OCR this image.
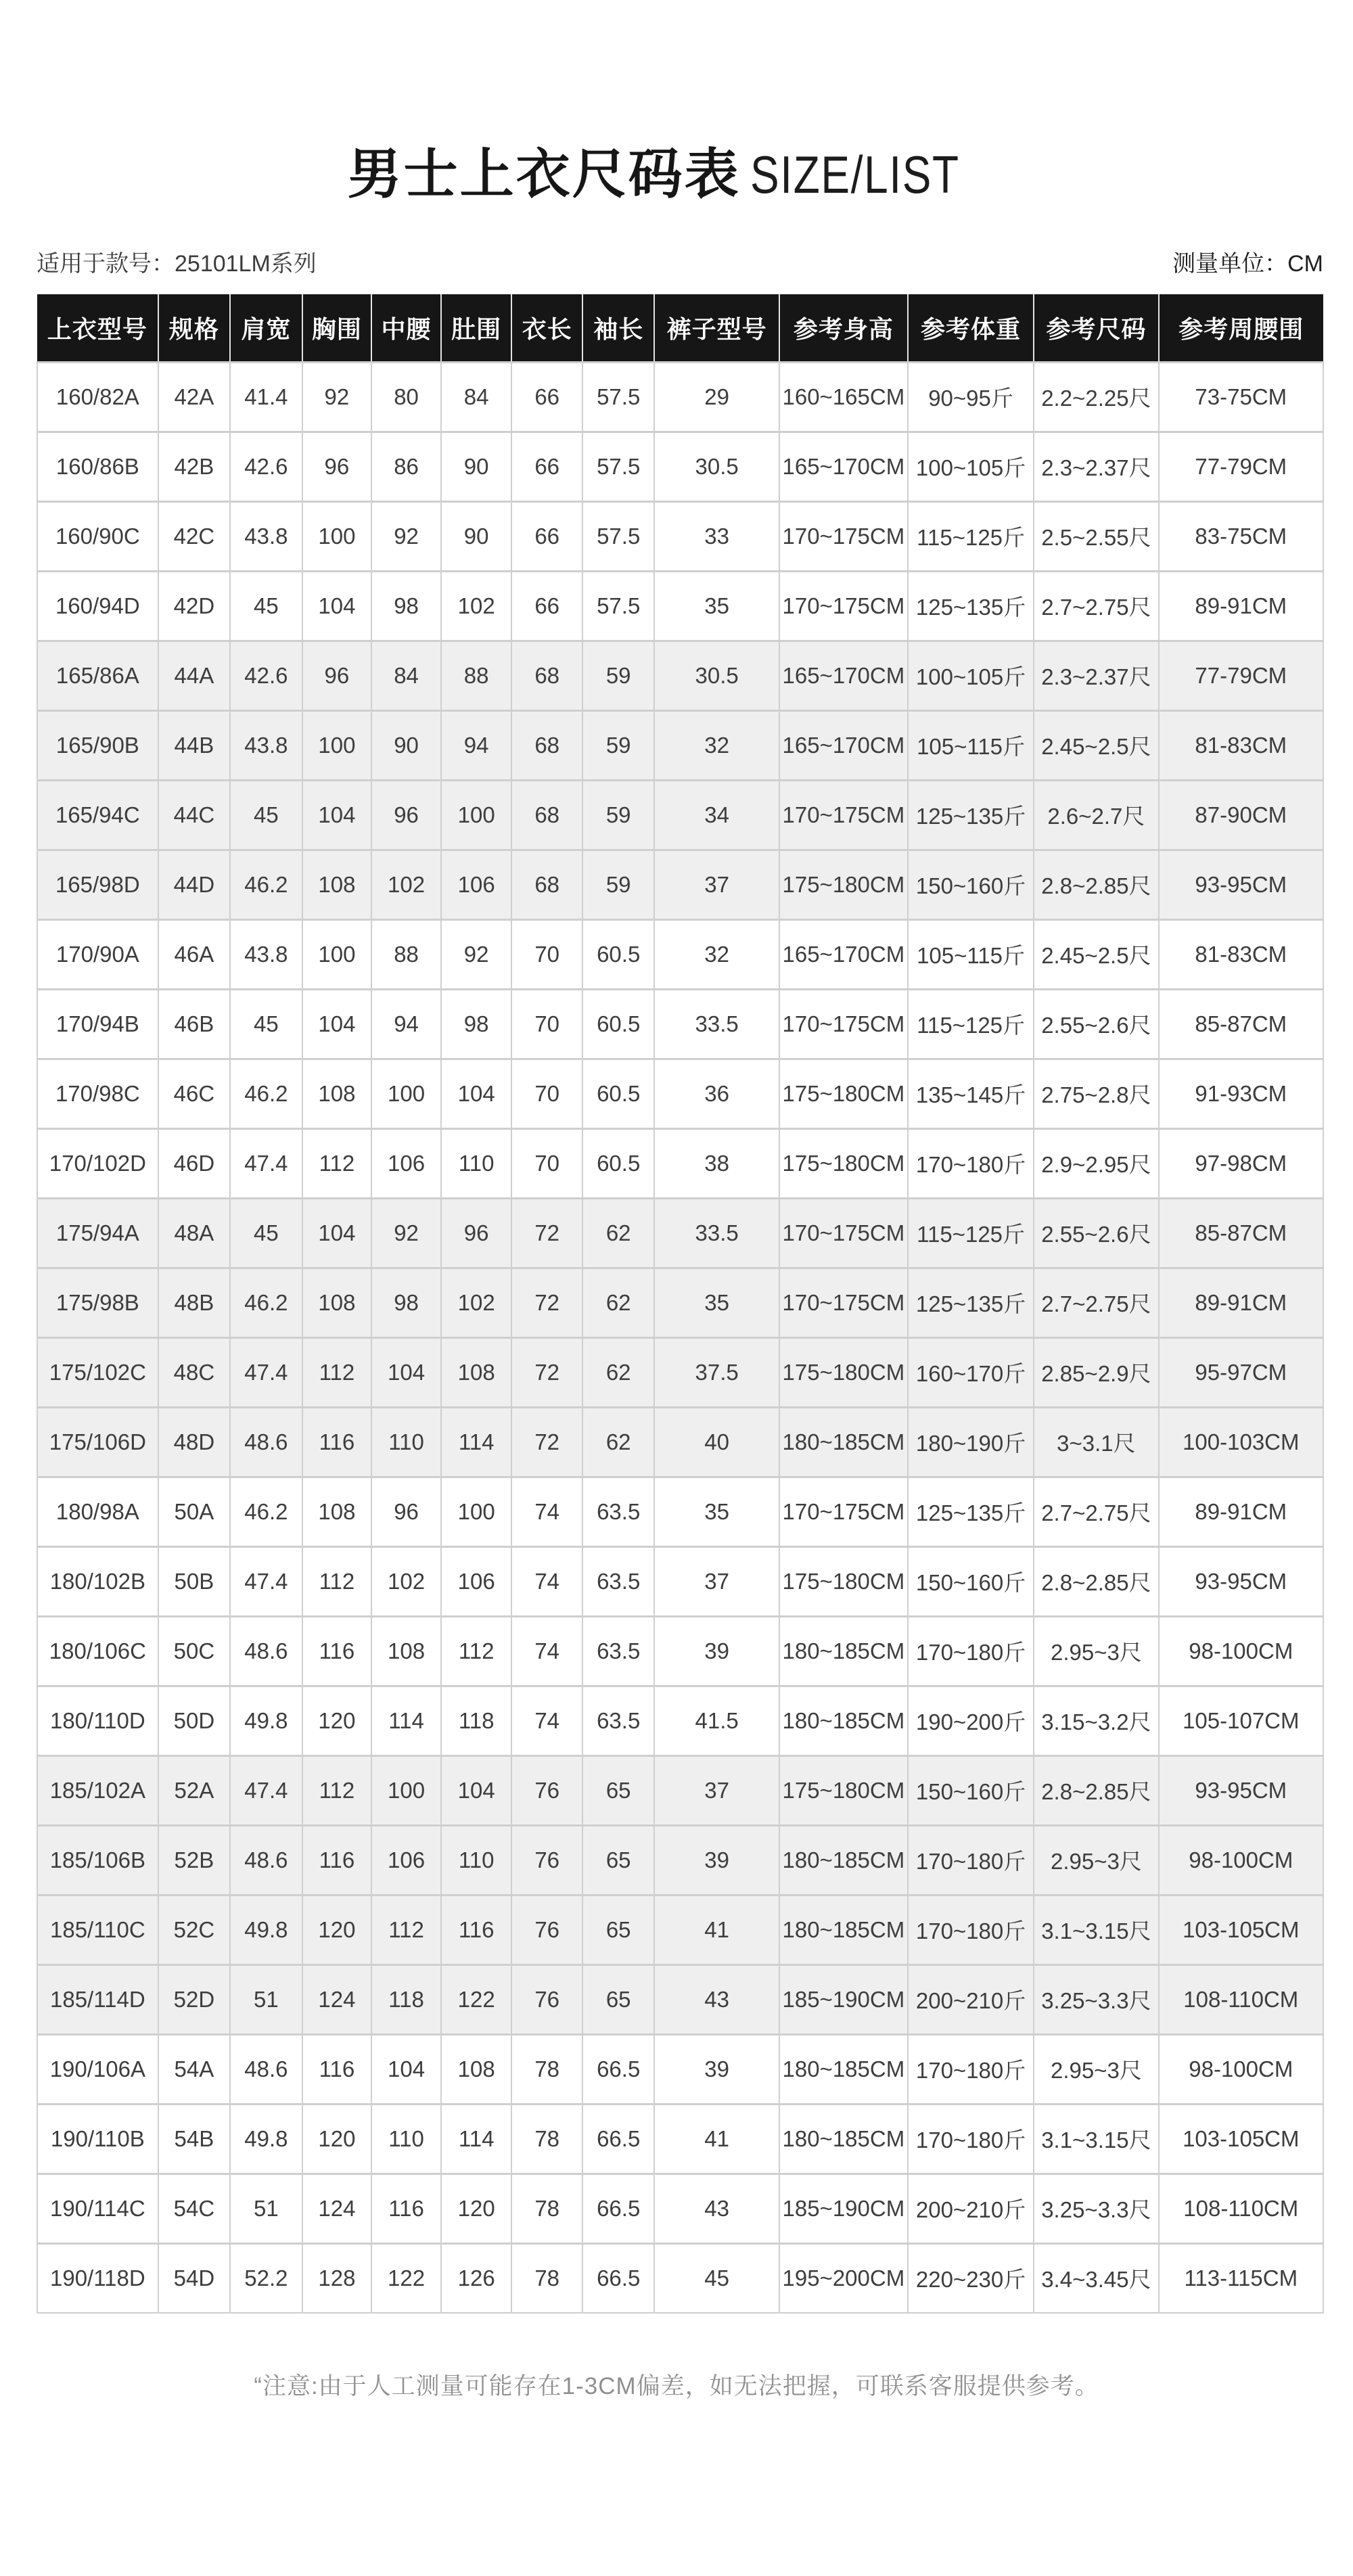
男士上衣尺码表 SIZE/LIST
适用于款号：25101LM系列	测量单位：CM
上衣型号	规格	肩宽	胸围	中腰	肚围	衣长	袖长	裤子型号	参考身高	参考体重	参考尺码	参考周腰围
160/82A	42A	41.4	92	80	84	66	57.5	29	160~165CM	90~95斤	2.2~2.25尺	73-75CM
160/86B	42B	42.6	96	86	90	66	57.5	30.5	165~170CM	100~105斤	2.3~2.37尺	77-79CM
160/90C	42C	43.8	100	92	90	66	57.5	33	170~175CM	115~125斤	2.5~2.55尺	83-75CM
160/94D	42D	45	104	98	102	66	57.5	35	170~175CM	125~135斤	2.7~2.75尺	89-91CM
165/86A	44A	42.6	96	84	88	68	59	30.5	165~170CM	100~105斤	2.3~2.37尺	77-79CM
165/90B	44B	43.8	100	90	94	68	59	32	165~170CM	105~115斤	2.45~2.5尺	81-83CM
165/94C	44C	45	104	96	100	68	59	34	170~175CM	125~135斤	2.6~2.7尺	87-90CM
165/98D	44D	46.2	108	102	106	68	59	37	175~180CM	150~160斤	2.8~2.85尺	93-95CM
170/90A	46A	43.8	100	88	92	70	60.5	32	165~170CM	105~115斤	2.45~2.5尺	81-83CM
170/94B	46B	45	104	94	98	70	60.5	33.5	170~175CM	115~125斤	2.55~2.6尺	85-87CM
170/98C	46C	46.2	108	100	104	70	60.5	36	175~180CM	135~145斤	2.75~2.8尺	91-93CM
170/102D	46D	47.4	112	106	110	70	60.5	38	175~180CM	170~180斤	2.9~2.95尺	97-98CM
175/94A	48A	45	104	92	96	72	62	33.5	170~175CM	115~125斤	2.55~2.6尺	85-87CM
175/98B	48B	46.2	108	98	102	72	62	35	170~175CM	125~135斤	2.7~2.75尺	89-91CM
175/102C	48C	47.4	112	104	108	72	62	37.5	175~180CM	160~170斤	2.85~2.9尺	95-97CM
175/106D	48D	48.6	116	110	114	72	62	40	180~185CM	180~190斤	3~3.1尺	100-103CM
180/98A	50A	46.2	108	96	100	74	63.5	35	170~175CM	125~135斤	2.7~2.75尺	89-91CM
180/102B	50B	47.4	112	102	106	74	63.5	37	175~180CM	150~160斤	2.8~2.85尺	93-95CM
180/106C	50C	48.6	116	108	112	74	63.5	39	180~185CM	170~180斤	2.95~3尺	98-100CM
180/110D	50D	49.8	120	114	118	74	63.5	41.5	180~185CM	190~200斤	3.15~3.2尺	105-107CM
185/102A	52A	47.4	112	100	104	76	65	37	175~180CM	150~160斤	2.8~2.85尺	93-95CM
185/106B	52B	48.6	116	106	110	76	65	39	180~185CM	170~180斤	2.95~3尺	98-100CM
185/110C	52C	49.8	120	112	116	76	65	41	180~185CM	170~180斤	3.1~3.15尺	103-105CM
185/114D	52D	51	124	118	122	76	65	43	185~190CM	200~210斤	3.25~3.3尺	108-110CM
190/106A	54A	48.6	116	104	108	78	66.5	39	180~185CM	170~180斤	2.95~3尺	98-100CM
190/110B	54B	49.8	120	110	114	78	66.5	41	180~185CM	170~180斤	3.1~3.15尺	103-105CM
190/114C	54C	51	124	116	120	78	66.5	43	185~190CM	200~210斤	3.25~3.3尺	108-110CM
190/118D	54D	52.2	128	122	126	78	66.5	45	195~200CM	220~230斤	3.4~3.45尺	113-115CM
“注意:由于人工测量可能存在1-3CM偏差，如无法把握，可联系客服提供参考。
